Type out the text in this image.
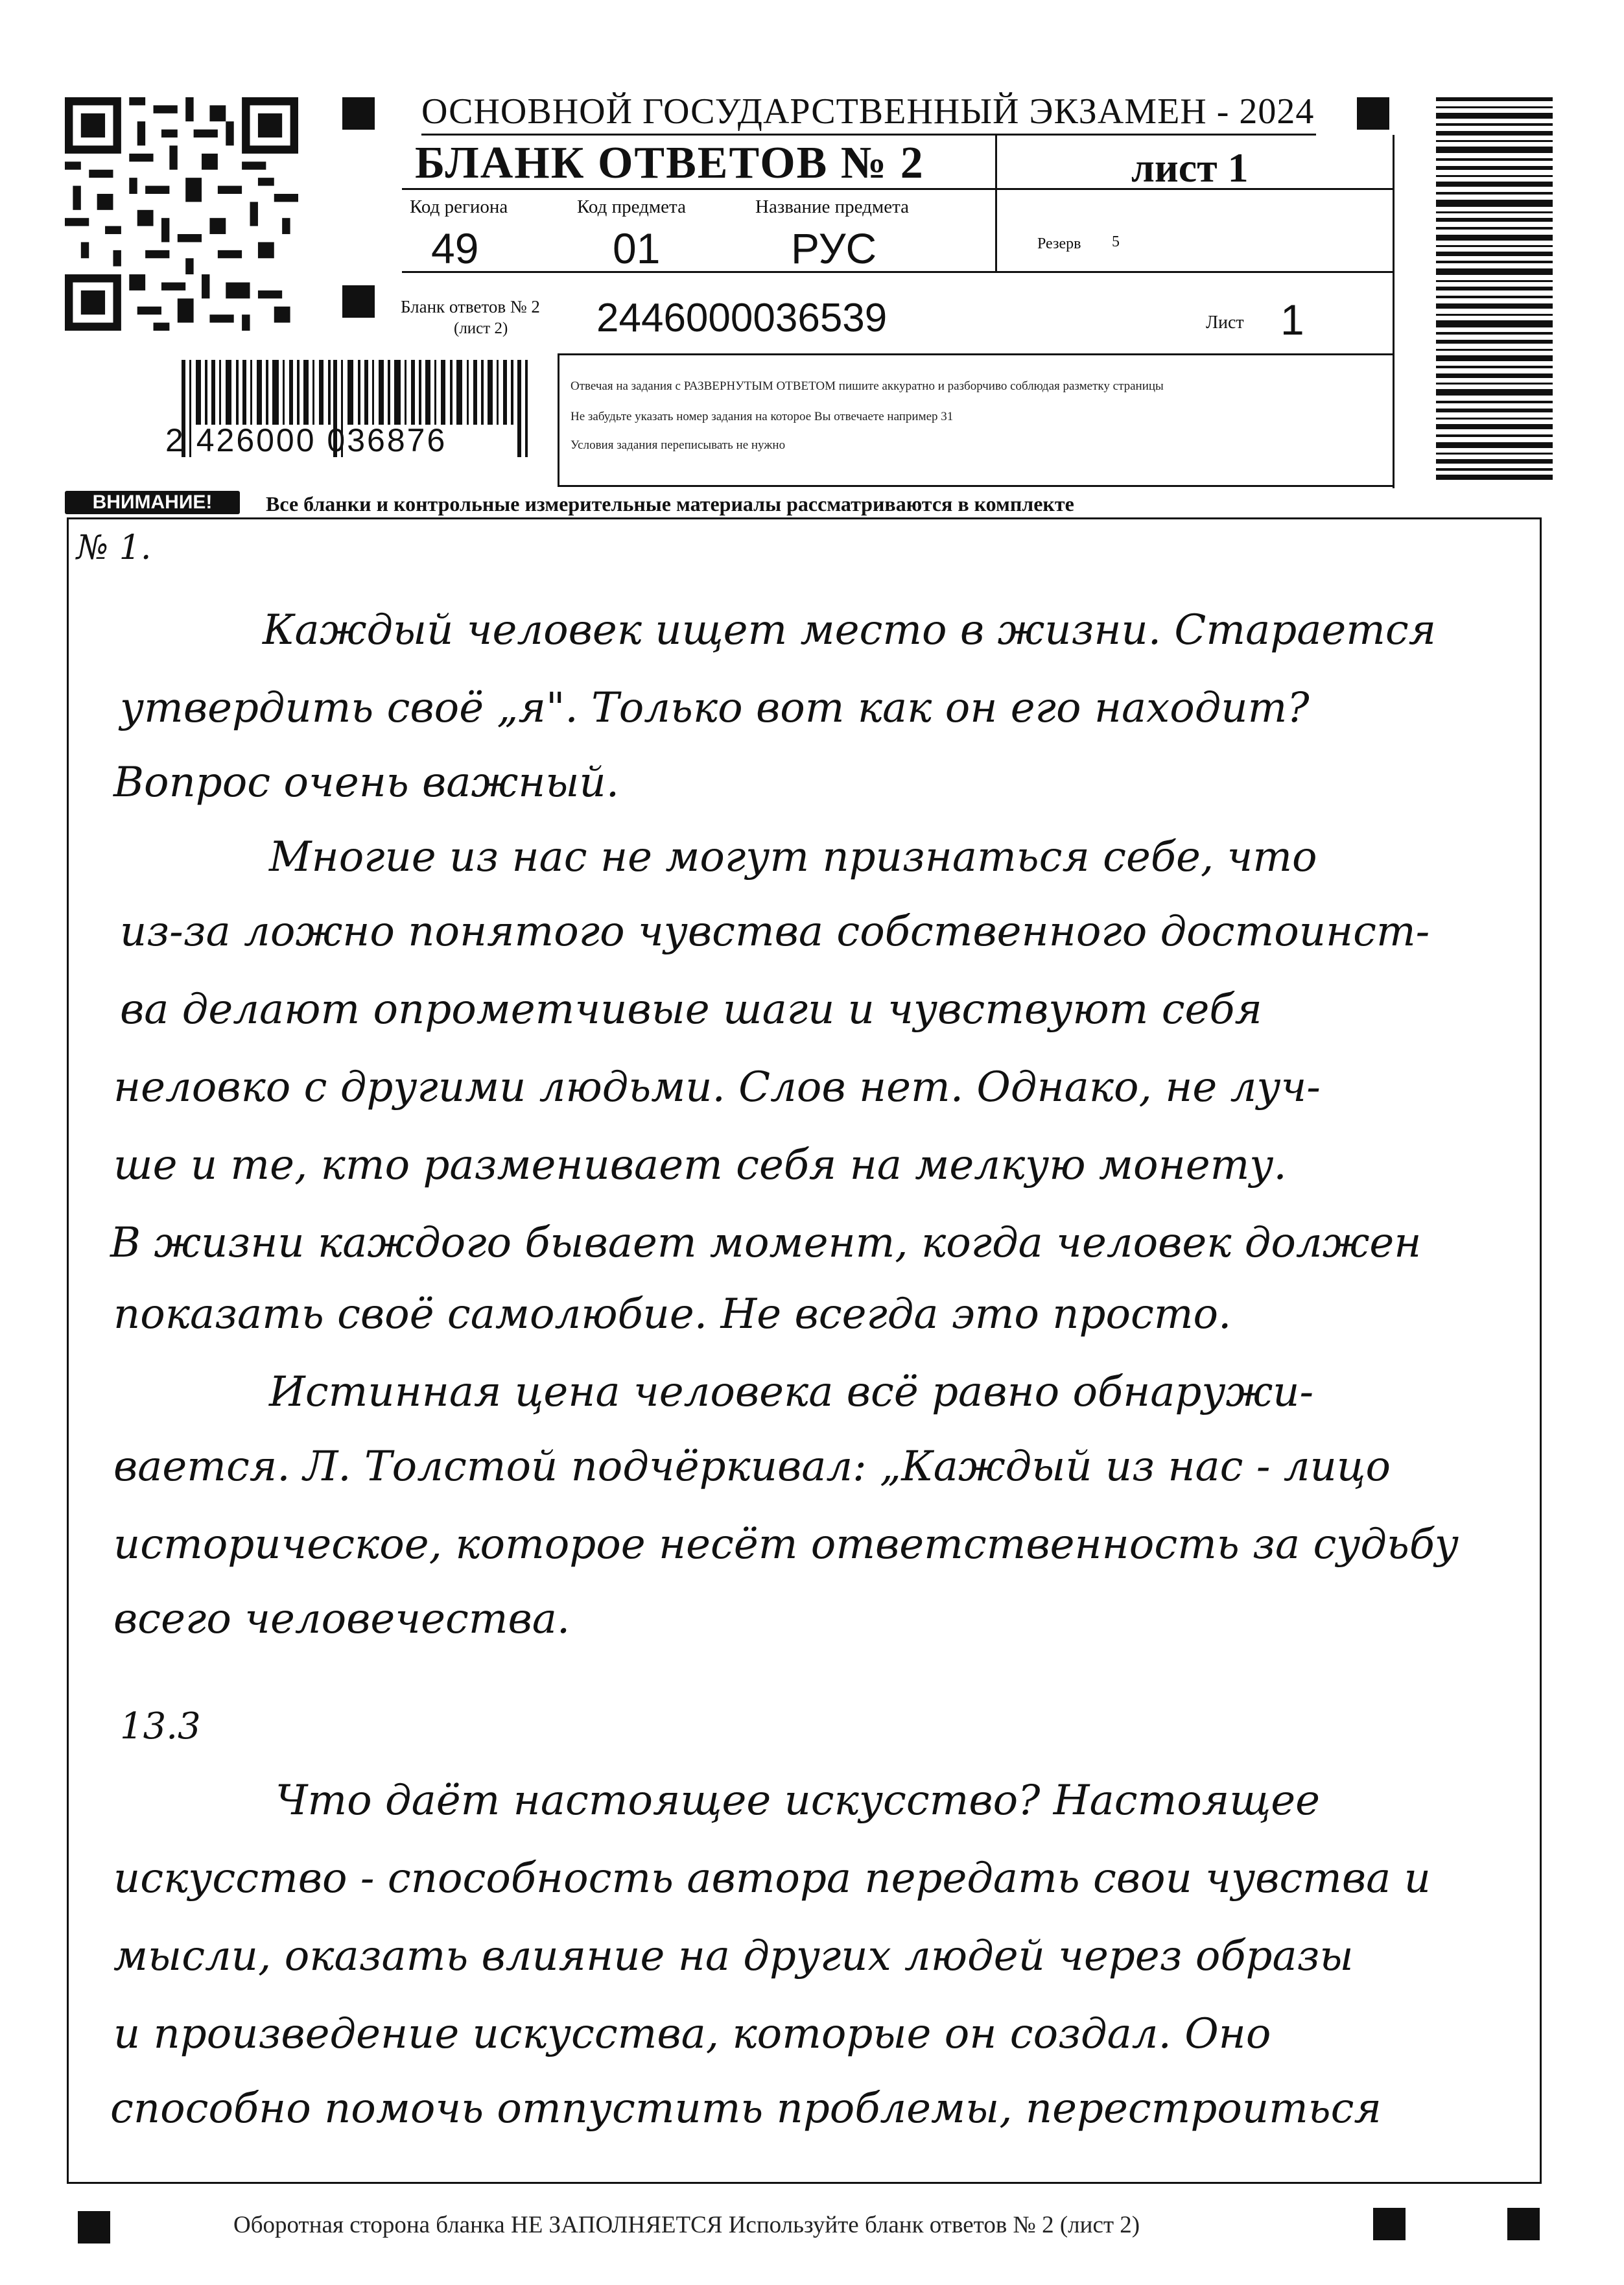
ОСНОВНОЙ ГОСУДАРСТВЕННЫЙ ЭКЗАМЕН - 2024
БЛАНК ОТВЕТОВ № 2	лист 1
Код региона
49
Код предмета
01
Название предмета
РУС	Резерв 5
Бланк ответов № 2
(лист 2) 2446000036539	Лист 1
Отвечая на задания с РАЗВЕРНУТЫМ ОТВЕТОМ пишите аккуратно и разборчиво соблюдая разметку страницы
Не забудьте указать номер задания на которое Вы отвечаете например 31
Условия задания переписывать не нужно
2 426000 036876
ВНИМАНИЕ!	Все бланки и контрольные измерительные материалы рассматриваются в комплекте
№ 1.
Каждый человек ищет место в жизни. Старается
утвердить своё „я". Только вот как он его находит?
Вопрос очень важный.
Многие из нас не могут признаться себе, что
из-за ложно понятого чувства собственного достоинст-
ва делают опрометчивые шаги и чувствуют себя
неловко с другими людьми. Слов нет. Однако, не луч-
ше и те, кто разменивает себя на мелкую монету.
В жизни каждого бывает момент, когда человек должен
показать своё самолюбие. Не всегда это просто.
Истинная цена человека всё равно обнаружи-
вается. Л. Толстой подчёркивал: „Каждый из нас - лицо
историческое, которое несёт ответственность за судьбу
всего человечества.
13.3
Что даёт настоящее искусство? Настоящее
искусство - способность автора передать свои чувства и
мысли, оказать влияние на других людей через образы
и произведение искусства, которые он создал. Оно
способно помочь отпустить проблемы, перестроиться
Оборотная сторона бланка НЕ ЗАПОЛНЯЕТСЯ Используйте бланк ответов № 2 (лист 2)
